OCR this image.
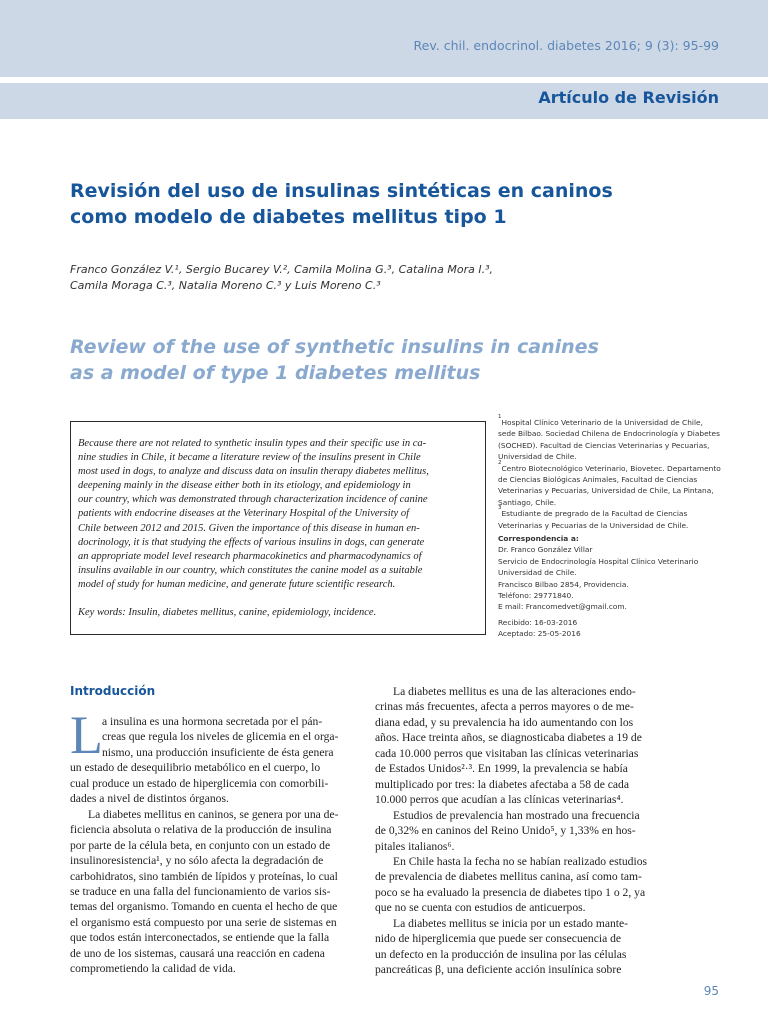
Rev. chil. endocrinol. diabetes 2016; 9 (3): 95-99
Artículo de Revisión
Revisión del uso de insulinas sintéticas en caninos
como modelo de diabetes mellitus tipo 1
Franco González V.¹, Sergio Bucarey V.², Camila Molina G.³, Catalina Mora I.³,
Camila Moraga C.³, Natalia Moreno C.³ y Luis Moreno C.³
Review of the use of synthetic insulins in canines
as a model of type 1 diabetes mellitus
Because there are not related to synthetic insulin types and their specific use in ca-
nine studies in Chile, it became a literature review of the insulins present in Chile
most used in dogs, to analyze and discuss data on insulin therapy diabetes mellitus,
deepening mainly in the disease either both in its etiology, and epidemiology in
our country, which was demonstrated through characterization incidence of canine
patients with endocrine diseases at the Veterinary Hospital of the University of
Chile between 2012 and 2015. Given the importance of this disease in human en-
docrinology, it is that studying the effects of various insulins in dogs, can generate
an appropriate model level research pharmacokinetics and pharmacodynamics of
insulins available in our country, which constitutes the canine model as a suitable
model of study for human medicine, and generate future scientific research.
Key words: Insulin, diabetes mellitus, canine, epidemiology, incidence.
$^1$Hospital Clínico Veterinario de la Universidad de Chile,
sede Bilbao. Sociedad Chilena de Endocrinología y Diabetes
(SOCHED). Facultad de Ciencias Veterinarias y Pecuarias,
Universidad de Chile.
$^2$Centro Biotecnológico Veterinario, Biovetec. Departamento
de Ciencias Biológicas Animales, Facultad de Ciencias
Veterinarias y Pecuarias, Universidad de Chile, La Pintana,
Santiago, Chile.
$^3$Estudiante de pregrado de la Facultad de Ciencias
Veterinarias y Pecuarias de la Universidad de Chile.
Correspondencia a:
Dr. Franco González Villar
Servicio de Endocrinología Hospital Clínico Veterinario
Universidad de Chile.
Francisco Bilbao 2854, Providencia.
Teléfono: 29771840.
E mail: Francomedvet@gmail.com.
Recibido: 16-03-2016
Aceptado: 25-05-2016
Introducción
L a insulina es una hormona secretada por el pán-
creas que regula los niveles de glicemia en el orga-
nismo, una producción insuficiente de ésta genera
un estado de desequilibrio metabólico en el cuerpo, lo
cual produce un estado de hiperglicemia con comorbili-
dades a nivel de distintos órganos.
La diabetes mellitus en caninos, se genera por una de-
ficiencia absoluta o relativa de la producción de insulina
por parte de la célula beta, en conjunto con un estado de
insulinoresistencia¹, y no sólo afecta la degradación de
carbohidratos, sino también de lípidos y proteínas, lo cual
se traduce en una falla del funcionamiento de varios sis-
temas del organismo. Tomando en cuenta el hecho de que
el organismo está compuesto por una serie de sistemas en
que todos están interconectados, se entiende que la falla
de uno de los sistemas, causará una reacción en cadena
comprometiendo la calidad de vida.
La diabetes mellitus es una de las alteraciones endo-
crinas más frecuentes, afecta a perros mayores o de me-
diana edad, y su prevalencia ha ido aumentando con los
años. Hace treinta años, se diagnosticaba diabetes a 19 de
cada 10.000 perros que visitaban las clínicas veterinarias
de Estados Unidos²·³. En 1999, la prevalencia se había
multiplicado por tres: la diabetes afectaba a 58 de cada
10.000 perros que acudían a las clínicas veterinarias⁴.
Estudios de prevalencia han mostrado una frecuencia
de 0,32% en caninos del Reino Unido⁵, y 1,33% en hos-
pitales italianos⁶.
En Chile hasta la fecha no se habían realizado estudios
de prevalencia de diabetes mellitus canina, así como tam-
poco se ha evaluado la presencia de diabetes tipo 1 o 2, ya
que no se cuenta con estudios de anticuerpos.
La diabetes mellitus se inicia por un estado mante-
nido de hiperglicemia que puede ser consecuencia de
un defecto en la producción de insulina por las células
pancreáticas β, una deficiente acción insulínica sobre
95
